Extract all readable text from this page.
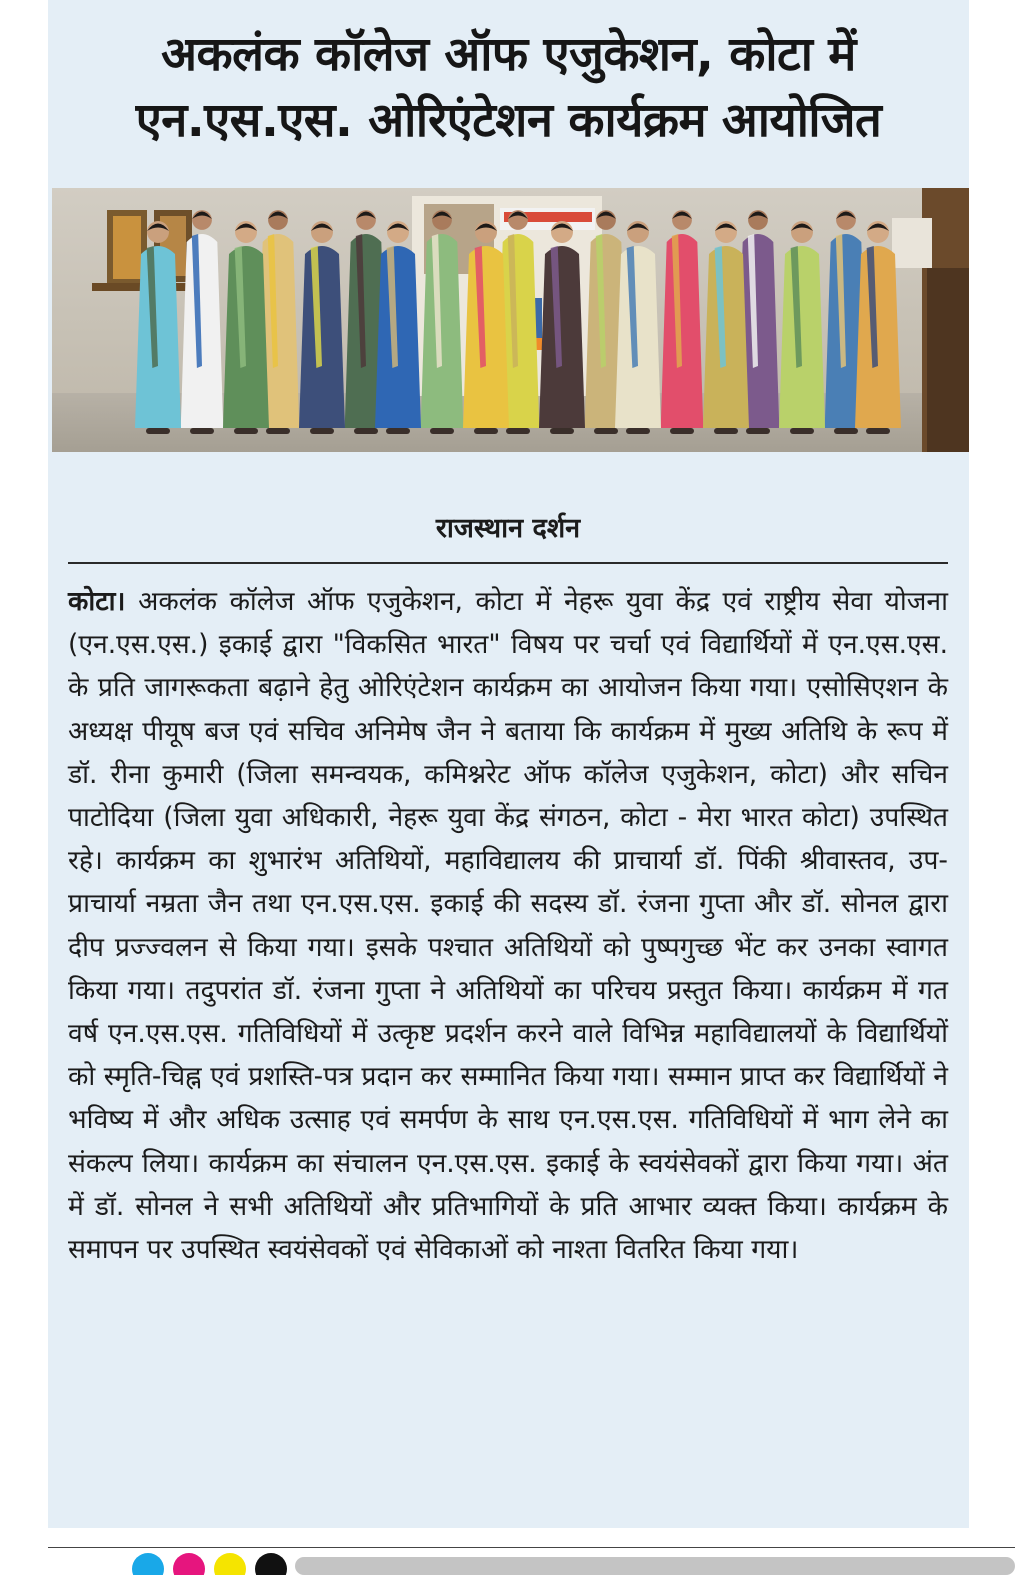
अकलंक कॉलेज ऑफ एजुकेशन, कोटा में
एन.एस.एस. ओरिएंटेशन कार्यक्रम आयोजित
राजस्थान दर्शन

कोटा। अकलंक कॉलेज ऑफ एजुकेशन, कोटा में नेहरू युवा केंद्र एवं राष्ट्रीय सेवा योजना (एन.एस.एस.) इकाई द्वारा "विकसित भारत" विषय पर चर्चा एवं विद्यार्थियों में एन.एस.एस. के प्रति जागरूकता बढ़ाने हेतु ओरिएंटेशन कार्यक्रम का आयोजन किया गया। एसोसिएशन के अध्यक्ष पीयूष बज एवं सचिव अनिमेष जैन ने बताया कि कार्यक्रम में मुख्य अतिथि के रूप में डॉ. रीना कुमारी (जिला समन्वयक, कमिश्नरेट ऑफ कॉलेज एजुकेशन, कोटा) और सचिन पाटोदिया (जिला युवा अधिकारी, नेहरू युवा केंद्र संगठन, कोटा - मेरा भारत कोटा) उपस्थित रहे। कार्यक्रम का शुभारंभ अतिथियों, महाविद्यालय की प्राचार्या डॉ. पिंकी श्रीवास्तव, उप-प्राचार्या नम्रता जैन तथा एन.एस.एस. इकाई की सदस्य डॉ. रंजना गुप्ता और डॉ. सोनल द्वारा दीप प्रज्ज्वलन से किया गया। इसके पश्चात अतिथियों को पुष्पगुच्छ भेंट कर उनका स्वागत किया गया। तदुपरांत डॉ. रंजना गुप्ता ने अतिथियों का परिचय प्रस्तुत किया। कार्यक्रम में गत वर्ष एन.एस.एस. गतिविधियों में उत्कृष्ट प्रदर्शन करने वाले विभिन्न महाविद्यालयों के विद्यार्थियों को स्मृति-चिह्न एवं प्रशस्ति-पत्र प्रदान कर सम्मानित किया गया। सम्मान प्राप्त कर विद्यार्थियों ने भविष्य में और अधिक उत्साह एवं समर्पण के साथ एन.एस.एस. गतिविधियों में भाग लेने का संकल्प लिया। कार्यक्रम का संचालन एन.एस.एस. इकाई के स्वयंसेवकों द्वारा किया गया। अंत में डॉ. सोनल ने सभी अतिथियों और प्रतिभागियों के प्रति आभार व्यक्त किया। कार्यक्रम के समापन पर उपस्थित स्वयंसेवकों एवं सेविकाओं को नाश्ता वितरित किया गया।
